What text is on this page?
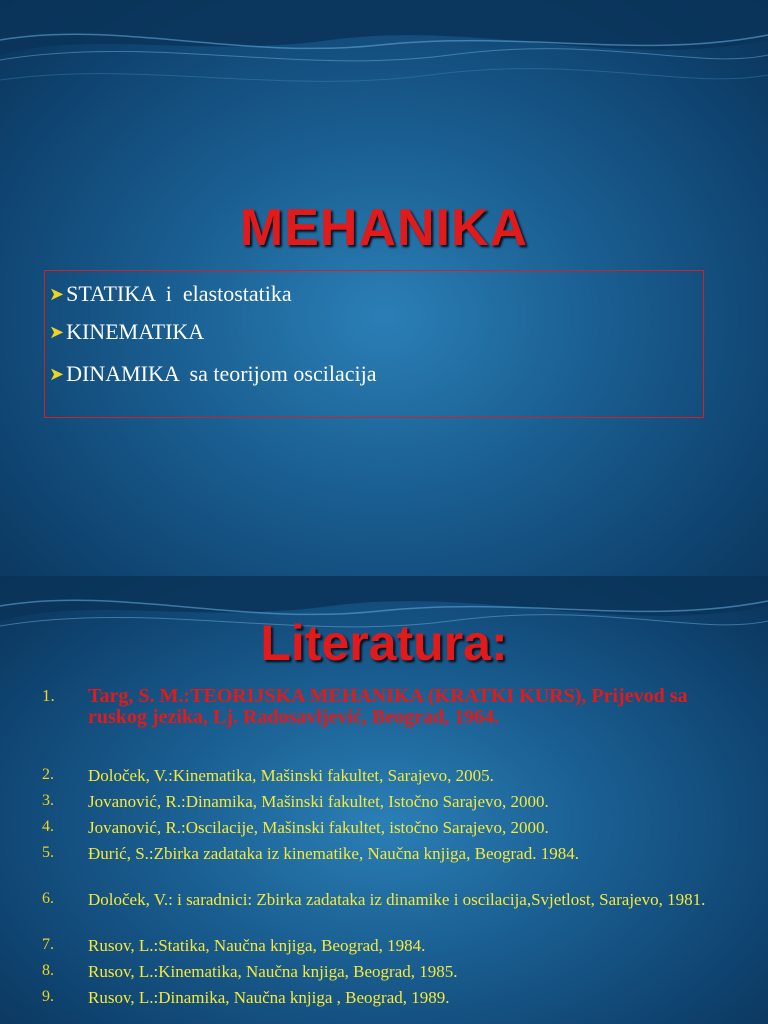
MEHANIKA
➤ STATIKA  i  elastostatika
➤ KINEMATIKA
➤ DINAMIKA  sa teorijom oscilacija
Literatura:
1. Targ, S. M.:TEORIJSKA MEHANIKA (KRATKI KURS), Prijevod sa ruskog jezika, Lj. Radosavljević, Beograd, 1964.
2. Določek, V.:Kinematika, Mašinski fakultet, Sarajevo, 2005.
3. Jovanović, R.:Dinamika, Mašinski fakultet, Istočno Sarajevo, 2000.
4. Jovanović, R.:Oscilacije, Mašinski fakultet, istočno Sarajevo, 2000.
5. Đurić, S.:Zbirka zadataka iz kinematike, Naučna knjiga, Beograd. 1984.
6. Določek, V.: i saradnici: Zbirka zadataka iz dinamike i oscilacija,Svjetlost, Sarajevo, 1981.
7. Rusov, L.:Statika, Naučna knjiga, Beograd, 1984.
8. Rusov, L.:Kinematika, Naučna knjiga, Beograd, 1985.
9. Rusov, L.:Dinamika, Naučna knjiga , Beograd, 1989.
